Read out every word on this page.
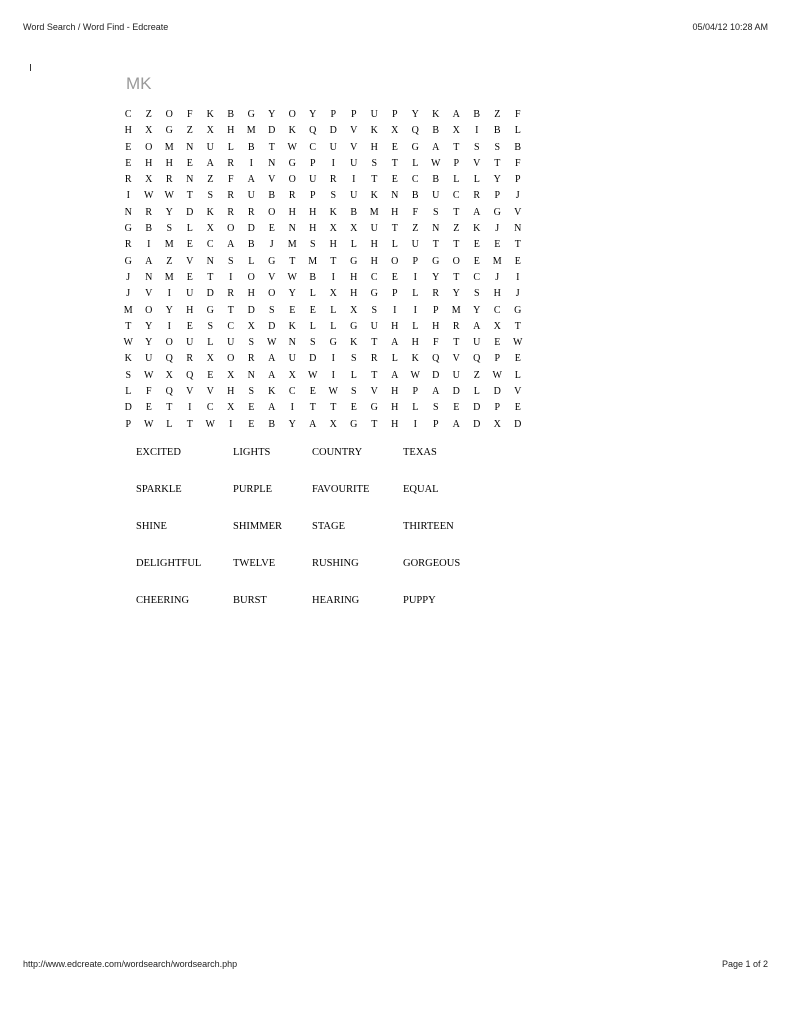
Word Search / Word Find - Edcreate	05/04/12 10:28 AM
MK
C	Z	O	F	K	B	G	Y	O	Y	P	P	U	P	Y	K	A	B	Z	F
H	X	G	Z	X	H	M	D	K	Q	D	V	K	X	Q	B	X	I	B	L
E	O	M	N	U	L	B	T	W	C	U	V	H	E	G	A	T	S	S	B
E	H	H	E	A	R	I	N	G	P	I	U	S	T	L	W	P	V	T	F
R	X	R	N	Z	F	A	V	O	U	R	I	T	E	C	B	L	L	Y	P
I	W	W	T	S	R	U	B	R	P	S	U	K	N	B	U	C	R	P	J
N	R	Y	D	K	R	R	O	H	H	K	B	M	H	F	S	T	A	G	V
G	B	S	L	X	O	D	E	N	H	X	X	U	T	Z	N	Z	K	J	N
R	I	M	E	C	A	B	J	M	S	H	L	H	L	U	T	T	E	E	T
G	A	Z	V	N	S	L	G	T	M	T	G	H	O	P	G	O	E	M	E
J	N	M	E	T	I	O	V	W	B	I	H	C	E	I	Y	T	C	J	I
J	V	I	U	D	R	H	O	Y	L	X	H	G	P	L	R	Y	S	H	J
M	O	Y	H	G	T	D	S	E	E	L	X	S	I	I	P	M	Y	C	G
T	Y	I	E	S	C	X	D	K	L	L	G	U	H	L	H	R	A	X	T
W	Y	O	U	L	U	S	W	N	S	G	K	T	A	H	F	T	U	E	W
K	U	Q	R	X	O	R	A	U	D	I	S	R	L	K	Q	V	Q	P	E
S	W	X	Q	E	X	N	A	X	W	I	L	T	A	W	D	U	Z	W	L
L	F	Q	V	V	H	S	K	C	E	W	S	V	H	P	A	D	L	D	V
D	E	T	I	C	X	E	A	I	T	T	E	G	H	L	S	E	D	P	E
P	W	L	T	W	I	E	B	Y	A	X	G	T	H	I	P	A	D	X	D
EXCITED	LIGHTS	COUNTRY	TEXAS
SPARKLE	PURPLE	FAVOURITE	EQUAL
SHINE	SHIMMER	STAGE	THIRTEEN
DELIGHTFUL	TWELVE	RUSHING	GORGEOUS
CHEERING	BURST	HEARING	PUPPY
http://www.edcreate.com/wordsearch/wordsearch.php	Page 1 of 2
